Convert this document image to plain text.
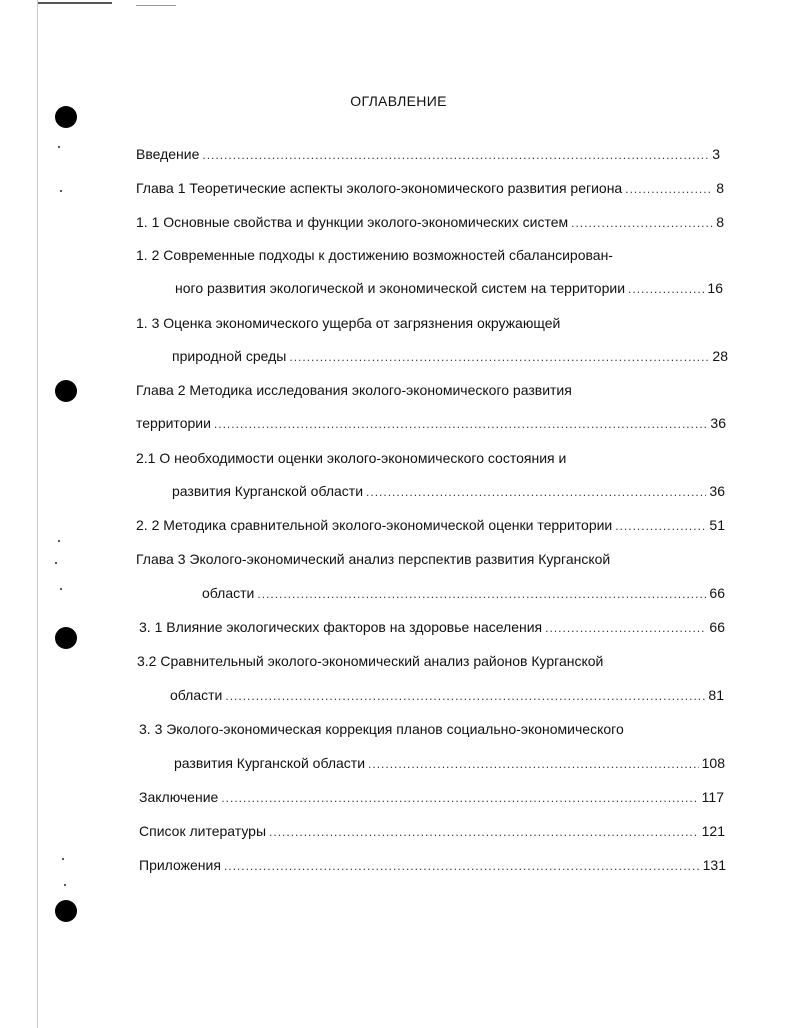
ОГЛАВЛЕНИЕ
Введение .....	3
Глава 1 Теоретические аспекты эколого-экономического развития региона .....	8
1. 1 Основные свойства и функции эколого-экономических систем .....	8
1. 2 Современные подходы к достижению возможностей сбалансирован-
ного развития экологической и экономической систем на территории .....	16
1. 3 Оценка экономического ущерба от загрязнения окружающей
природной среды .....	28
Глава 2 Методика исследования эколого-экономического развития
территории .....	36
2.1 О необходимости оценки эколого-экономического состояния и
развития Курганской области .....	36
2. 2 Методика сравнительной эколого-экономической оценки территории .....	51
Глава 3 Эколого-экономический анализ перспектив развития Курганской
области .....	66
3. 1 Влияние экологических факторов на здоровье населения .....	66
3.2 Сравнительный эколого-экономический анализ районов Курганской
области .....	81
3. 3 Эколого-экономическая коррекция планов социально-экономического
развития Курганской области .....	108
Заключение .....	117
Список литературы .....	121
Приложения .....	131
